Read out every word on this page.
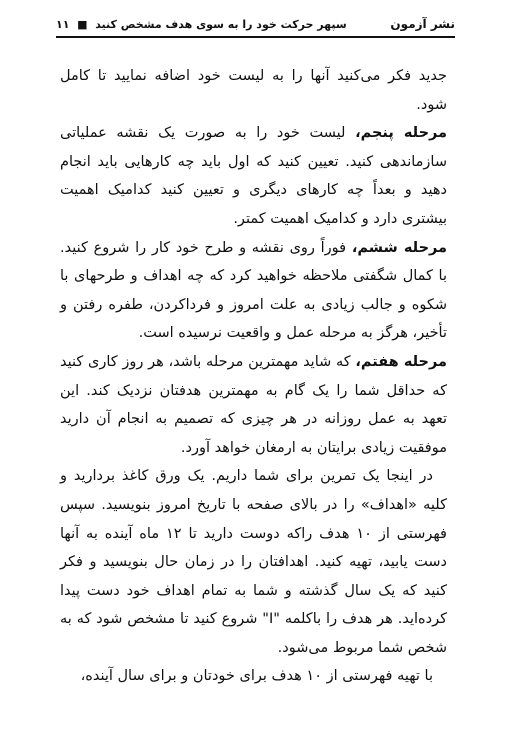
نشر آزمون
سپهر حرکت خود را به سوی هدف مشخص کنید  ■  ۱۱

جدید فکر می‌کنید آنها را به لیست خود اضافه نمایید تا کامل شود.

مرحله پنجم، لیست خود را به صورت یک نقشه عملیاتی سازماندهی کنید. تعیین کنید که اول باید چه کارهایی باید انجام دهید و بعداً چه کارهای دیگری و تعیین کنید کدامیک اهمیت بیشتری دارد و کدامیک اهمیت کمتر.

مرحله ششم، فوراً روی نقشه و طرح خود کار را شروع کنید. با کمال شگفتی ملاحظه خواهید کرد که چه اهداف و طرحهای با شکوه و جالب زیادی به علت امروز و فرداکردن، طفره رفتن و تأخیر، هرگز به مرحله عمل و واقعیت نرسیده است.

مرحله هفتم، که شاید مهمترین مرحله باشد، هر روز کاری کنید که حداقل شما را یک گام به مهمترین هدفتان نزدیک کند. این تعهد به عمل روزانه در هر چیزی که تصمیم به انجام آن دارید موفقیت زیادی برایتان به ارمغان خواهد آورد.

در اینجا یک تمرین برای شما داریم. یک ورق کاغذ بردارید و کلیه «اهداف» را در بالای صفحه با تاریخ امروز بنویسید. سپس فهرستی از ۱۰ هدف راکه دوست دارید تا ۱۲ ماه آینده به آنها دست یابید، تهیه کنید. اهدافتان را در زمان حال بنویسید و فکر کنید که یک سال گذشته و شما به تمام اهداف خود دست پیدا کرده‌اید. هر هدف را باکلمه "I" شروع کنید تا مشخص شود که به شخص شما مربوط می‌شود.

با تهیه فهرستی از ۱۰ هدف برای خودتان و برای سال آینده،
